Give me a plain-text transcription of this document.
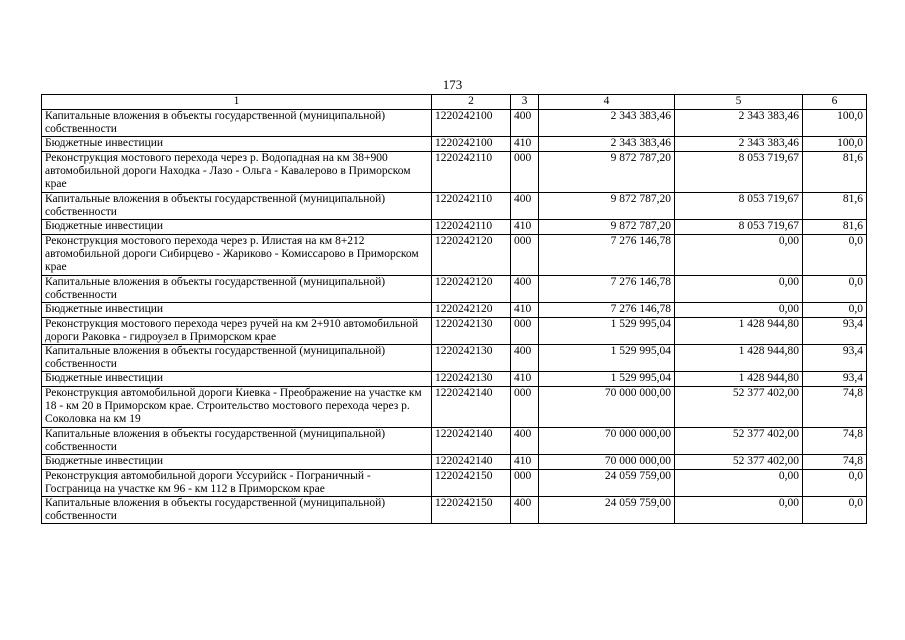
173
1	2	3	4	5	6
Капитальные вложения в объекты государственной (муниципальной) собственности	1220242100	400	2 343 383,46	2 343 383,46	100,0
Бюджетные инвестиции	1220242100	410	2 343 383,46	2 343 383,46	100,0
Реконструкция мостового перехода через р. Водопадная на км 38+900 автомобильной дороги Находка - Лазо - Ольга - Кавалерово в Приморском крае	1220242110	000	9 872 787,20	8 053 719,67	81,6
Капитальные вложения в объекты государственной (муниципальной) собственности	1220242110	400	9 872 787,20	8 053 719,67	81,6
Бюджетные инвестиции	1220242110	410	9 872 787,20	8 053 719,67	81,6
Реконструкция мостового перехода через р. Илистая на км 8+212 автомобильной дороги Сибирцево - Жариково - Комиссарово в Приморском крае	1220242120	000	7 276 146,78	0,00	0,0
Капитальные вложения в объекты государственной (муниципальной) собственности	1220242120	400	7 276 146,78	0,00	0,0
Бюджетные инвестиции	1220242120	410	7 276 146,78	0,00	0,0
Реконструкция мостового перехода через ручей на км 2+910 автомобильной дороги Раковка - гидроузел в Приморском крае	1220242130	000	1 529 995,04	1 428 944,80	93,4
Капитальные вложения в объекты государственной (муниципальной) собственности	1220242130	400	1 529 995,04	1 428 944,80	93,4
Бюджетные инвестиции	1220242130	410	1 529 995,04	1 428 944,80	93,4
Реконструкция автомобильной дороги Киевка - Преображение на участке км 18 - км 20 в Приморском крае. Строительство мостового перехода через р. Соколовка на км 19	1220242140	000	70 000 000,00	52 377 402,00	74,8
Капитальные вложения в объекты государственной (муниципальной) собственности	1220242140	400	70 000 000,00	52 377 402,00	74,8
Бюджетные инвестиции	1220242140	410	70 000 000,00	52 377 402,00	74,8
Реконструкция автомобильной дороги Уссурийск - Пограничный - Госграница на участке км 96 - км 112 в Приморском крае	1220242150	000	24 059 759,00	0,00	0,0
Капитальные вложения в объекты государственной (муниципальной) собственности	1220242150	400	24 059 759,00	0,00	0,0
